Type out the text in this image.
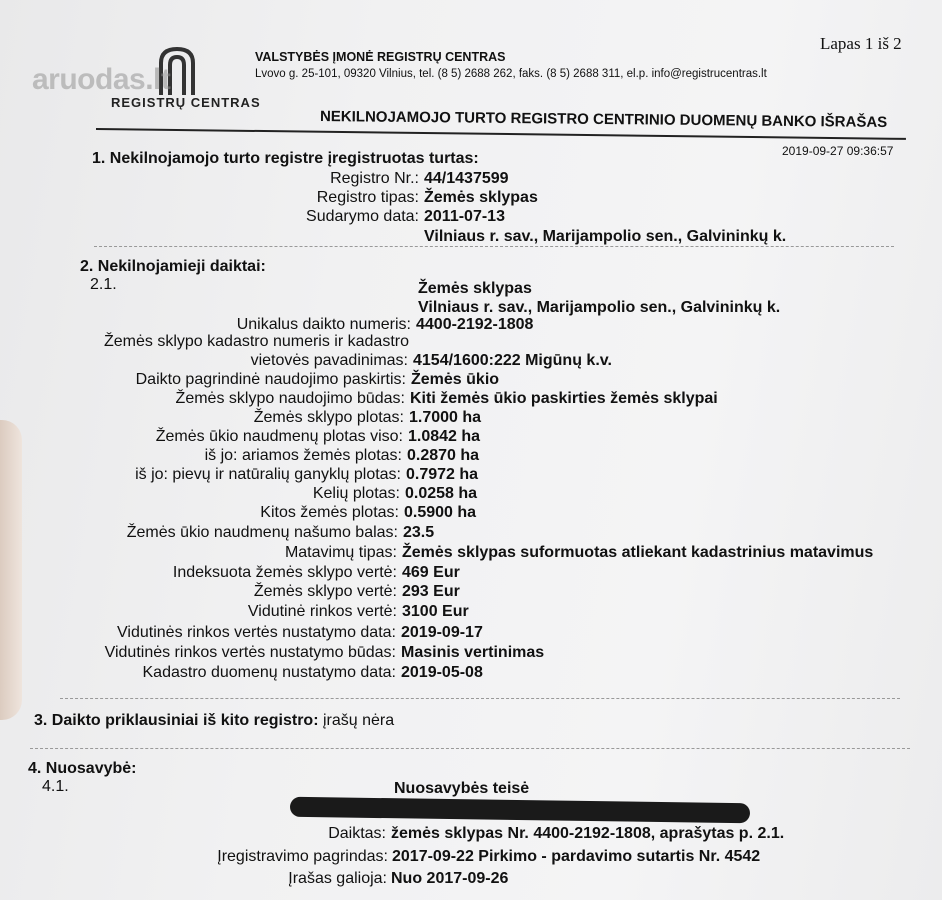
aruodas.lt
REGISTRŲ CENTRAS
VALSTYBĖS ĮMONĖ REGISTRŲ CENTRAS
Lvovo g. 25-101, 09320 Vilnius, tel. (8 5) 2688 262, faks. (8 5) 2688 311, el.p. info@registrucentras.lt
Lapas 1 iš 2
NEKILNOJAMOJO TURTO REGISTRO CENTRINIO DUOMENŲ BANKO IŠRAŠAS
2019-09-27 09:36:57
1. Nekilnojamojo turto registre įregistruotas turtas:
Registro Nr.: 44/1437599
Registro tipas: Žemės sklypas
Sudarymo data: 2011-07-13
Vilniaus r. sav., Marijampolio sen., Galvininkų k.
2. Nekilnojamieji daiktai:
2.1.	Žemės sklypas
Vilniaus r. sav., Marijampolio sen., Galvininkų k.
Unikalus daikto numeris: 4400-2192-1808
Žemės sklypo kadastro numeris ir kadastro
vietovės pavadinimas: 4154/1600:222 Migūnų k.v.
Daikto pagrindinė naudojimo paskirtis: Žemės ūkio
Žemės sklypo naudojimo būdas: Kiti žemės ūkio paskirties žemės sklypai
Žemės sklypo plotas: 1.7000 ha
Žemės ūkio naudmenų plotas viso: 1.0842 ha
iš jo: ariamos žemės plotas: 0.2870 ha
iš jo: pievų ir natūralių ganyklų plotas: 0.7972 ha
Kelių plotas: 0.0258 ha
Kitos žemės plotas: 0.5900 ha
Žemės ūkio naudmenų našumo balas: 23.5
Matavimų tipas: Žemės sklypas suformuotas atliekant kadastrinius matavimus
Indeksuota žemės sklypo vertė: 469 Eur
Žemės sklypo vertė: 293 Eur
Vidutinė rinkos vertė: 3100 Eur
Vidutinės rinkos vertės nustatymo data: 2019-09-17
Vidutinės rinkos vertės nustatymo būdas: Masinis vertinimas
Kadastro duomenų nustatymo data: 2019-05-08
3. Daikto priklausiniai iš kito registro: įrašų nėra
4. Nuosavybė:
4.1.	Nuosavybės teisė
Daiktas: žemės sklypas Nr. 4400-2192-1808, aprašytas p. 2.1.
Įregistravimo pagrindas: 2017-09-22 Pirkimo - pardavimo sutartis Nr. 4542
Įrašas galioja: Nuo 2017-09-26
